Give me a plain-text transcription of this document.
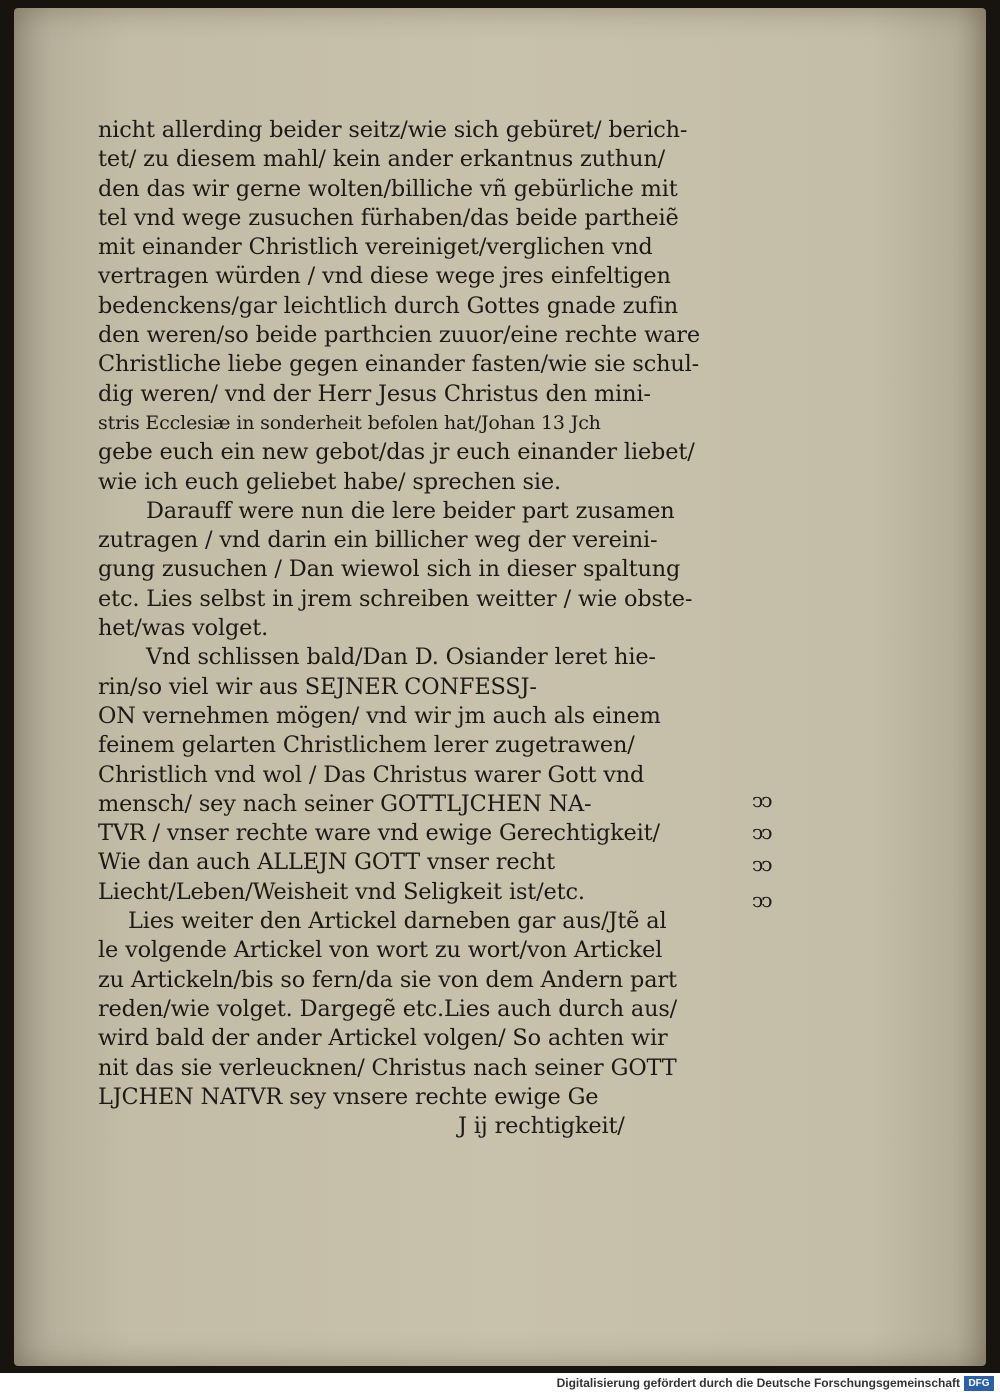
nicht allerding beider seitz/wie sich gebüret/ berich-
tet/ zu diesem mahl/ kein ander erkantnus zuthun/
den das wir gerne wolten/billiche vñ gebürliche mit
tel vnd wege zusuchen fürhaben/das beide partheiẽ
mit einander Christlich vereiniget/verglichen vnd
vertragen würden / vnd diese wege jres einfeltigen
bedenckens/gar leichtlich durch Gottes gnade zufin
den weren/so beide parthcien zuuor/eine rechte ware
Christliche liebe gegen einander fasten/wie sie schul-
dig weren/ vnd der Herr Jesus Christus den mini-
stris Ecclesiæ in sonderheit befolen hat/Johan 13 Jch
gebe euch ein new gebot/das jr euch einander liebet/
wie ich euch geliebet habe/ sprechen sie.
Darauff were nun die lere beider part zusamen
zutragen / vnd darin ein billicher weg der vereini-
gung zusuchen / Dan wiewol sich in dieser spaltung
etc. Lies selbst in jrem schreiben weitter / wie obste-
het/was volget.
Vnd schlissen bald/Dan D. Osiander leret hie-
rin/so viel wir aus SEJNER CONFESSJ-
ON vernehmen mögen/ vnd wir jm auch als einem
feinem gelarten Christlichem lerer zugetrawen/
Christlich vnd wol / Das Christus warer Gott vnd
mensch/ sey nach seiner GOTTLJCHEN NA-
TVR / vnser rechte ware vnd ewige Gerechtigkeit/
Wie dan auch ALLEJN GOTT vnser recht
Liecht/Leben/Weisheit vnd Seligkeit ist/etc.
Lies weiter den Artickel darneben gar aus/Jtẽ al
le volgende Artickel von wort zu wort/von Artickel
zu Artickeln/bis so fern/da sie von dem Andern part
reden/wie volget. Dargegẽ etc.Lies auch durch aus/
wird bald der ander Artickel volgen/ So achten wir
nit das sie verleucknen/ Christus nach seiner GOTT
LJCHEN NATVR sey vnsere rechte ewige Ge
J ij rechtigkeit/
ↄↄ
ↄↄ
ↄↄ
ↄↄ
Digitalisierung gefördert durch die Deutsche Forschungsgemeinschaft DFG
